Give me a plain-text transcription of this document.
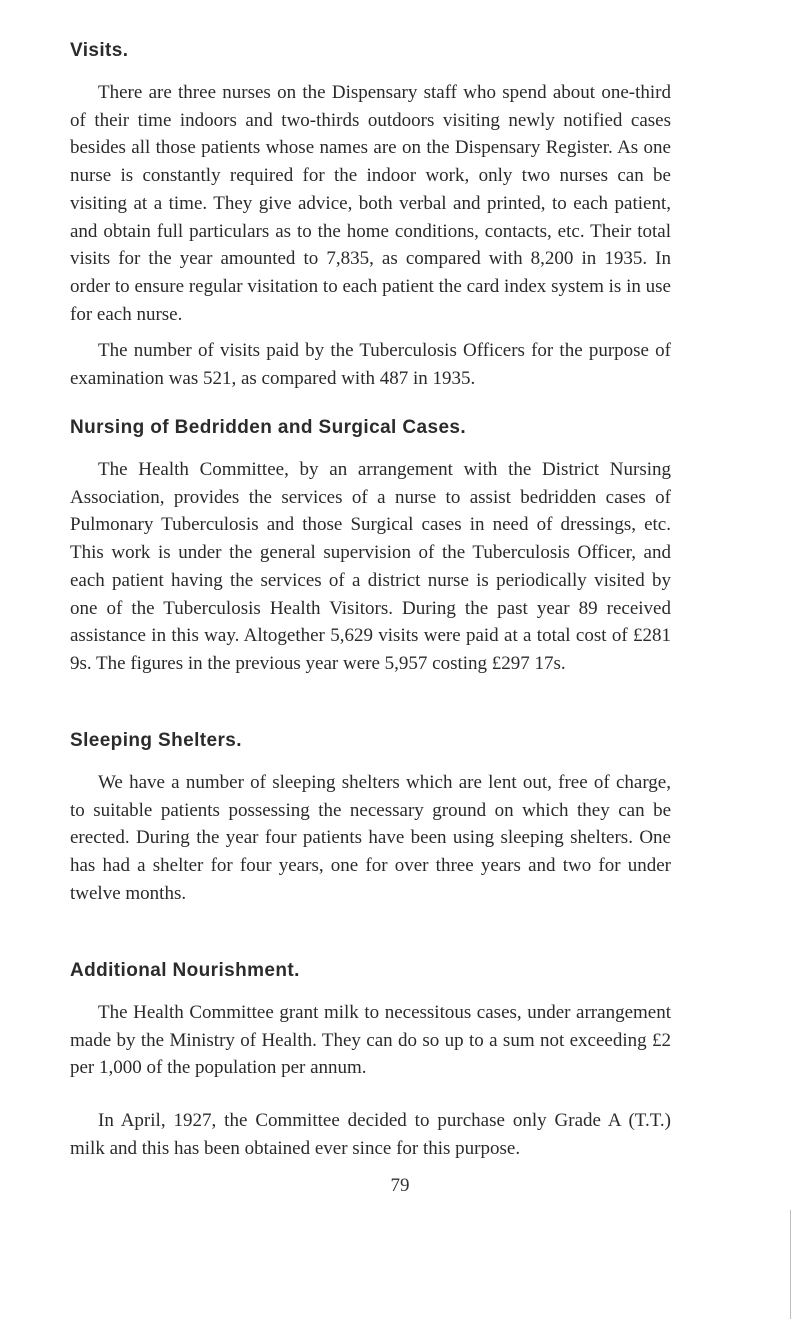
Visits.

There are three nurses on the Dispensary staff who spend about one-third of their time indoors and two-thirds outdoors visiting newly notified cases besides all those patients whose names are on the Dispensary Register. As one nurse is constantly required for the indoor work, only two nurses can be visiting at a time. They give advice, both verbal and printed, to each patient, and obtain full particulars as to the home conditions, contacts, etc. Their total visits for the year amounted to 7,835, as compared with 8,200 in 1935. In order to ensure regular visitation to each patient the card index system is in use for each nurse.

The number of visits paid by the Tuberculosis Officers for the purpose of examination was 521, as compared with 487 in 1935.

Nursing of Bedridden and Surgical Cases.

The Health Committee, by an arrangement with the District Nursing Association, provides the services of a nurse to assist bedridden cases of Pulmonary Tuberculosis and those Surgical cases in need of dressings, etc. This work is under the general supervision of the Tuberculosis Officer, and each patient having the services of a district nurse is periodically visited by one of the Tuberculosis Health Visitors. During the past year 89 received assistance in this way. Altogether 5,629 visits were paid at a total cost of £281 9s. The figures in the previous year were 5,957 costing £297 17s.

Sleeping Shelters.

We have a number of sleeping shelters which are lent out, free of charge, to suitable patients possessing the necessary ground on which they can be erected. During the year four patients have been using sleeping shelters. One has had a shelter for four years, one for over three years and two for under twelve months.

Additional Nourishment.

The Health Committee grant milk to necessitous cases, under arrangement made by the Ministry of Health. They can do so up to a sum not exceeding £2 per 1,000 of the population per annum.

In April, 1927, the Committee decided to purchase only Grade A (T.T.) milk and this has been obtained ever since for this purpose.

79
